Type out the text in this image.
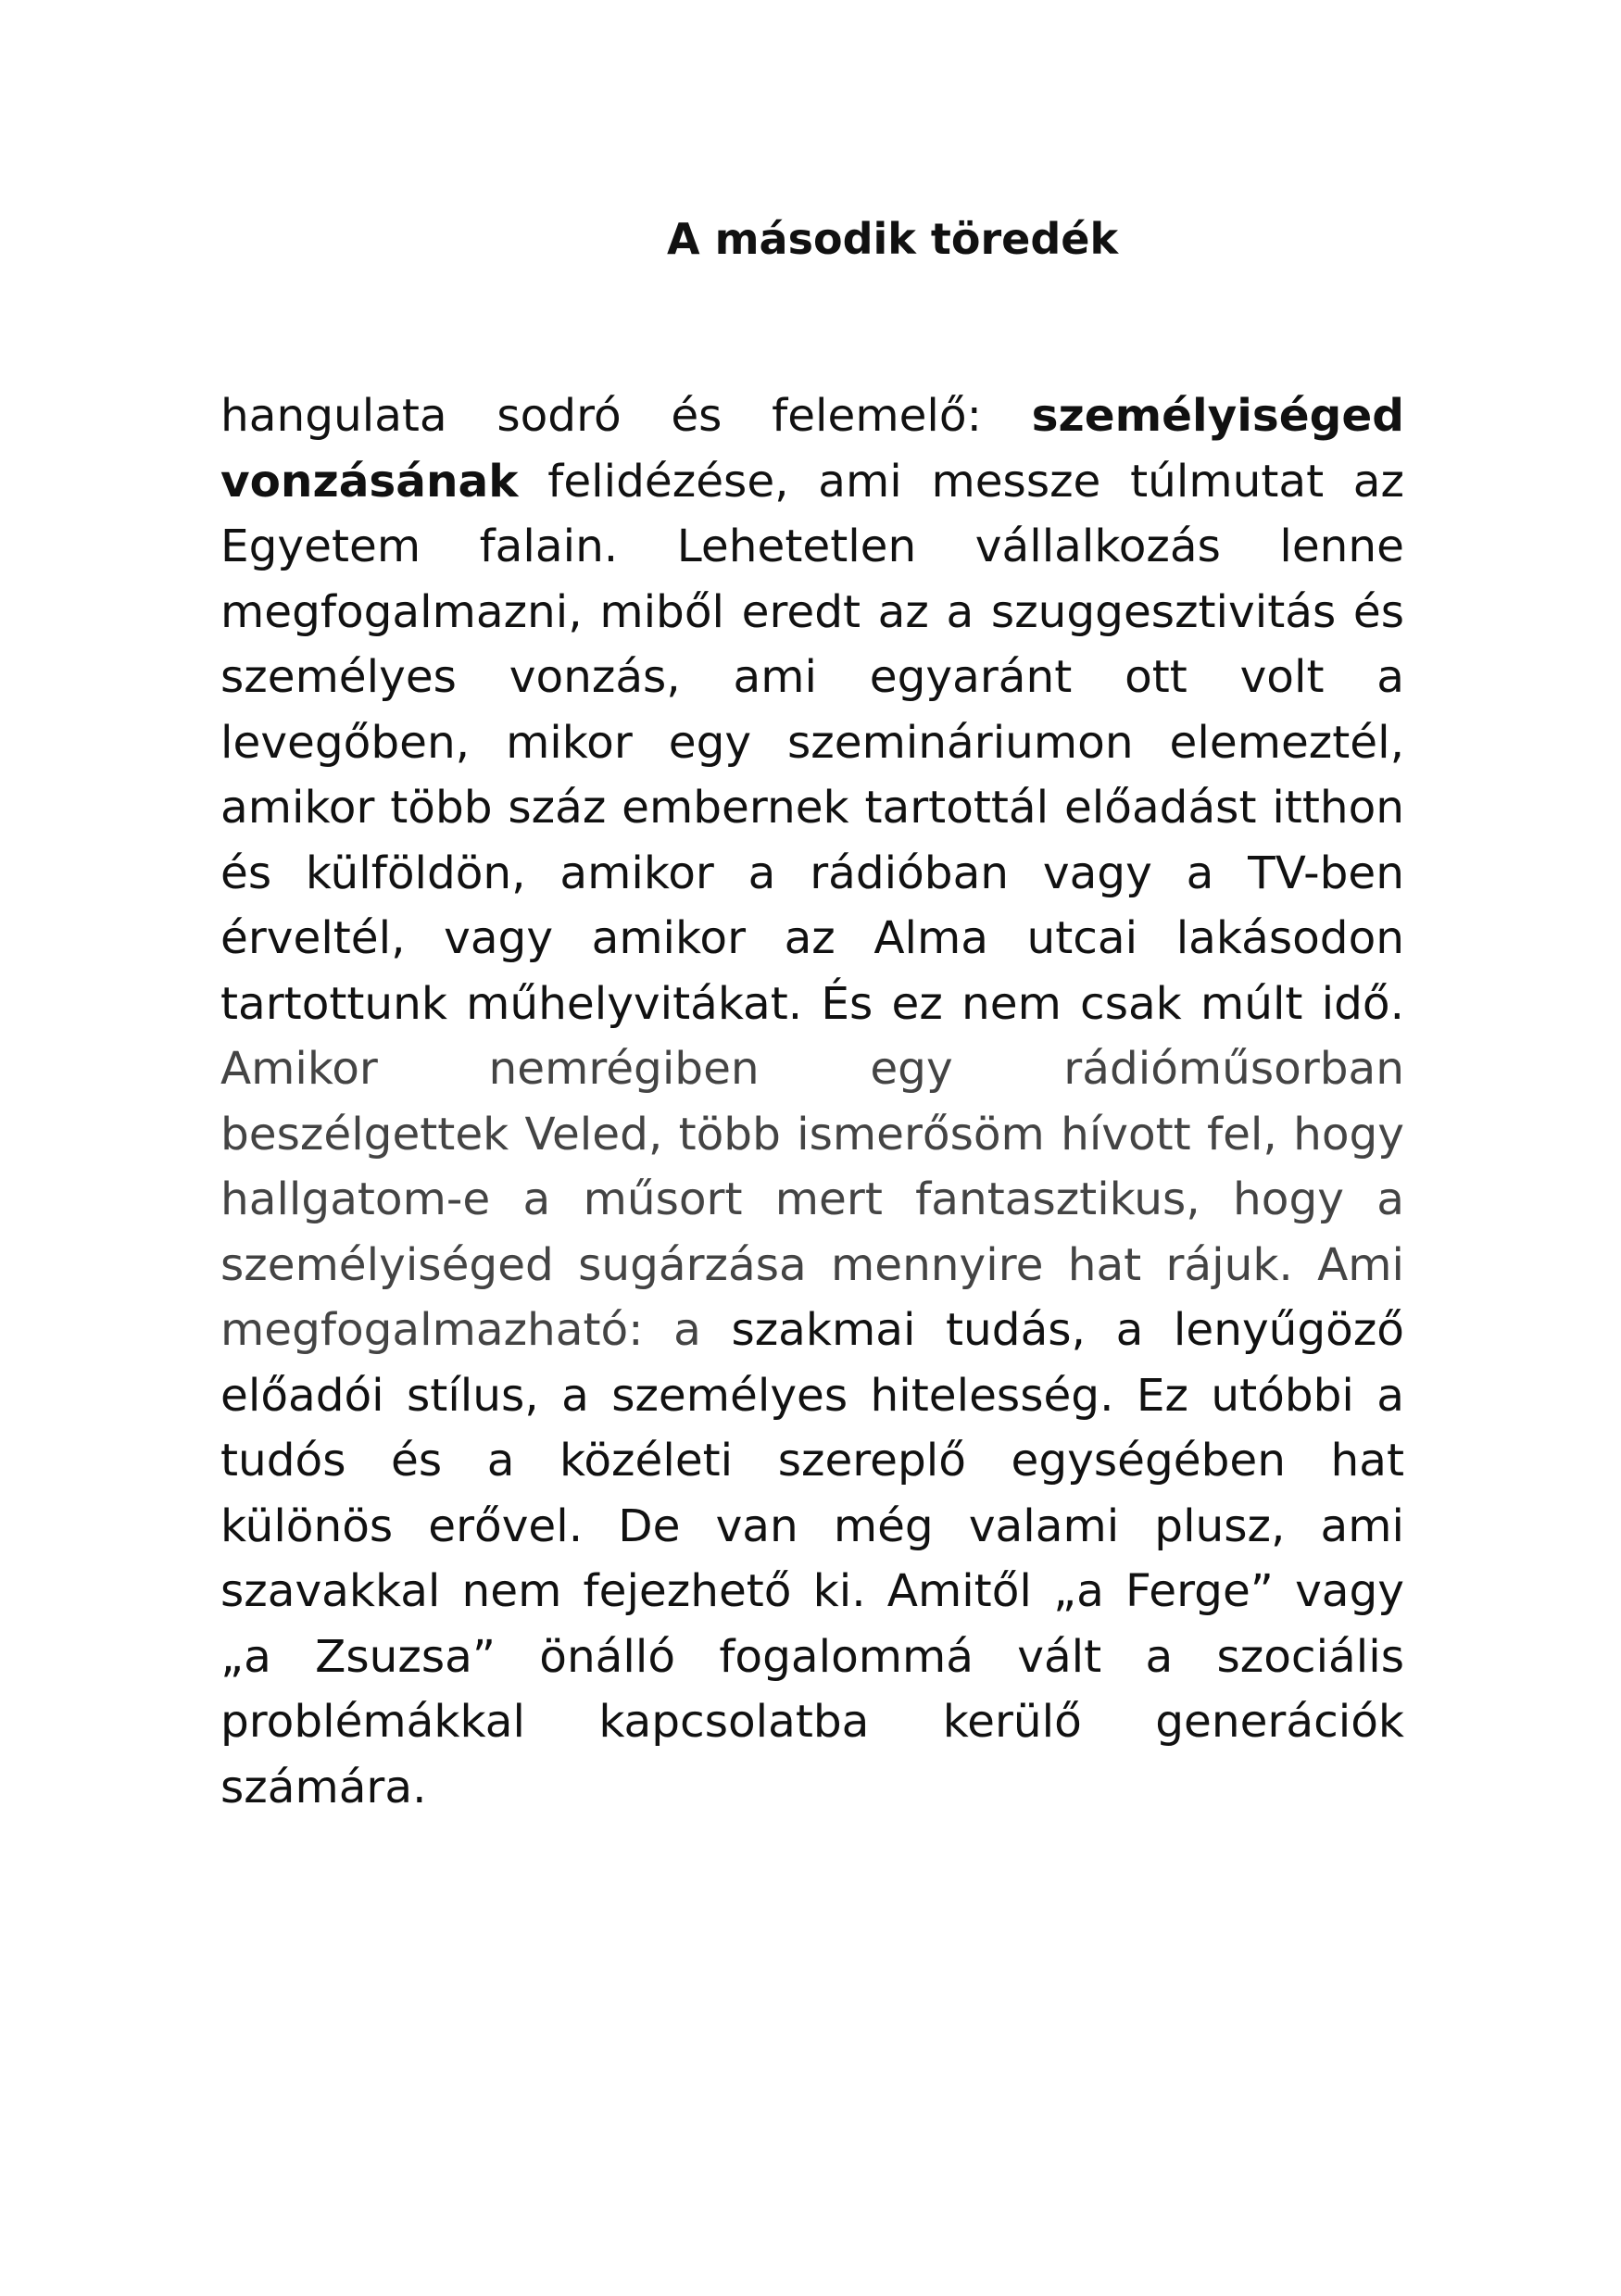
A második töredék

hangulata sodró és felemelő: személyiséged vonzásának felidézése, ami messze túlmutat az Egyetem falain. Lehetetlen vállalkozás lenne megfogalmazni, miből eredt az a szuggesztivitás és személyes vonzás, ami egyaránt ott volt a levegőben, mikor egy szemináriumon elemeztél, amikor több száz embernek tartottál előadást itthon és külföldön, amikor a rádióban vagy a TV-ben érveltél, vagy amikor az Alma utcai lakásodon tartottunk műhelyvitákat. És ez nem csak múlt idő. Amikor nemrégiben egy rádióműsorban beszélgettek Veled, több ismerősöm hívott fel, hogy hallgatom-e a műsort mert fantasztikus, hogy a személyiséged sugárzása mennyire hat rájuk. Ami megfogalmazható: a szakmai tudás, a lenyűgöző előadói stílus, a személyes hitelesség. Ez utóbbi a tudós és a közéleti szereplő egységében hat különös erővel. De van még valami plusz, ami szavakkal nem fejezhető ki. Amitől „a Ferge” vagy „a Zsuzsa” önálló fogalommá vált a szociális problémákkal kapcsolatba kerülő generációk számára.
